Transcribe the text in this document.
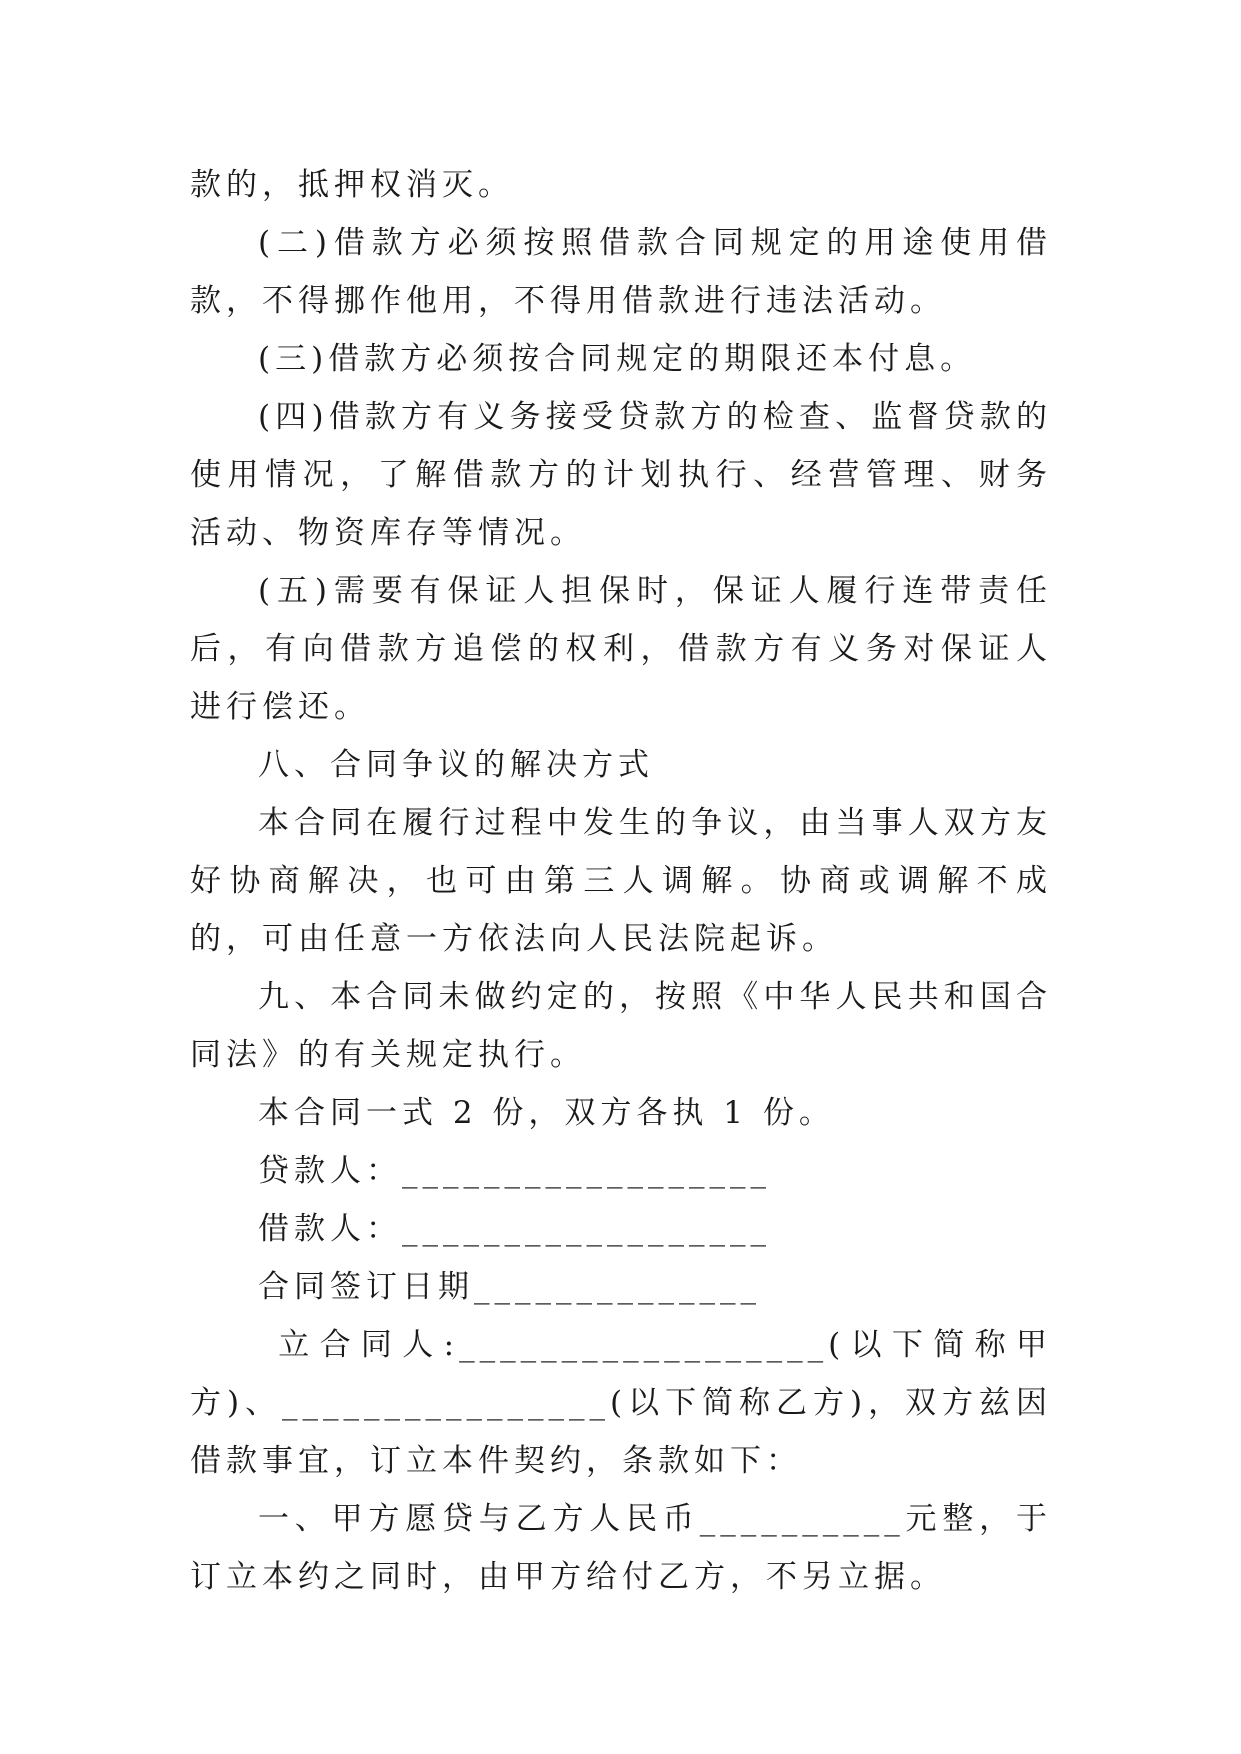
款的，抵押权消灭。

(二)借款方必须按照借款合同规定的用途使用借款，不得挪作他用，不得用借款进行违法活动。

(三)借款方必须按合同规定的期限还本付息。

(四)借款方有义务接受贷款方的检查、监督贷款的使用情况，了解借款方的计划执行、经营管理、财务活动、物资库存等情况。

(五)需要有保证人担保时，保证人履行连带责任后，有向借款方追偿的权利，借款方有义务对保证人进行偿还。

八、合同争议的解决方式

本合同在履行过程中发生的争议，由当事人双方友好协商解决，也可由第三人调解。协商或调解不成的，可由任意一方依法向人民法院起诉。

九、本合同未做约定的，按照《中华人民共和国合同法》的有关规定执行。

本合同一式 2 份，双方各执 1 份。

贷款人：__________________

借款人：__________________

合同签订日期______________

立合同人:__________________(以下简称甲方)、________________(以下简称乙方)，双方兹因借款事宜，订立本件契约，条款如下：

一、甲方愿贷与乙方人民币__________元整，于订立本约之同时，由甲方给付乙方，不另立据。
